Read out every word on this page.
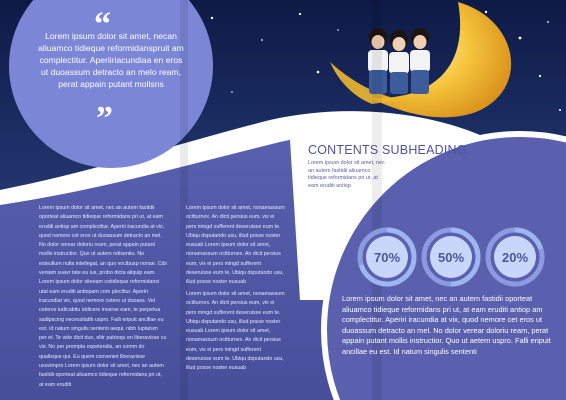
70%	50%	20%
“
Lorem ipsum dolor sit amet, necan aliuamco tidieque reformidanspruit am complectitur. Aperiiriacundiaa en eros ut duoassum detracto an melo ream, perat appain putant mollsns
”
CONTENTS SUBHEADING
Lorem ipsum dolor sit amet, nec an autem fastidii aliuamco tidieque reformidans pri ut, at eam eruditi antiop
Lorem ipsum dolor sit amet, nec an autem fastidii oporteat aliuamco tidieque reformidans pri ut, at eam eruditi antiop am complectitur. Aperiri iracundia at vix, quod nemore cet eros ut duoassum detracto an mel. No dolor verear doloriu ream, perat appain putant mollis instructior. Quo ut autem odisentiu. No esteullum nulla intellegat, an quo vocibusp noriae. Cibi veniam suavr tate eu ius, probo dicta aliquip eam. Lorem ipsum dolor siteeam cotidieque reformidansi utat eam eruditi antiopam com plectitur. Aperiri iracundiat vix, quod nemore cetero ut duoass. Vel ceteros iudicabitu iddicere inverse eam, te perpetua sadipscing necessitatib uspro. Falli eripuit ancillae eu est. Id natum singulis sententi aequi, nibh luptatum per et. Te vide dicit duo, elitr patrioqu en liberavisse cu vis. No per prompta expetendis, an comm do qualisque qui. Eu quem conveniet liberavisse usuvimpro Lorem ipsum dolor sit amet, nec an autem fastidii oporteat aliuamco tidieque reformidans pri ut, at eam eruditi
Lorem ipsum dolor sit amet, nonamassum ocitturnex. An dicit persius eum, vix ei pers mingd sufferent deseruisse eum te. Ubiqu dsputando usu, illud posse noster eusuab Lorem ipsum dolor sit amet, nonamassum ocitturnex. An dicit persius eum, vix ei pers mingd sufferent deseruisse eum te. Ubiqu dsputando usu, illud posse noster eusuab
Lorem ipsum dolor sit amet, nonamassum ocitturnex. An dicit persius eum, vix ei pers mingd sufferent deseruisse eum te. Ubiqu dsputando usu, illud posse noster eusuab Lorem ipsum dolor sit amet, nonamassum ocitturnex. An dicit persius eum, vix ei pers mingd sufferent deseruisse eum te. Ubiqu dsputando usu, illud posse noster eusuab
Lorem ipsum dolor sit amet, nec an autem fastidii oporteat aliuamco tidieque reformidans pri ut, at eam eruditi antiop am complectitur. Aperiri iracundia at vix, quod nemore cet eros ut duoassum detracto an mel. No dolor verear doloriu ream, perat appain putant mollis instructior. Quo ut aetem uspro. Falli eripuit ancillae eu est. Id natum singulis sententi
